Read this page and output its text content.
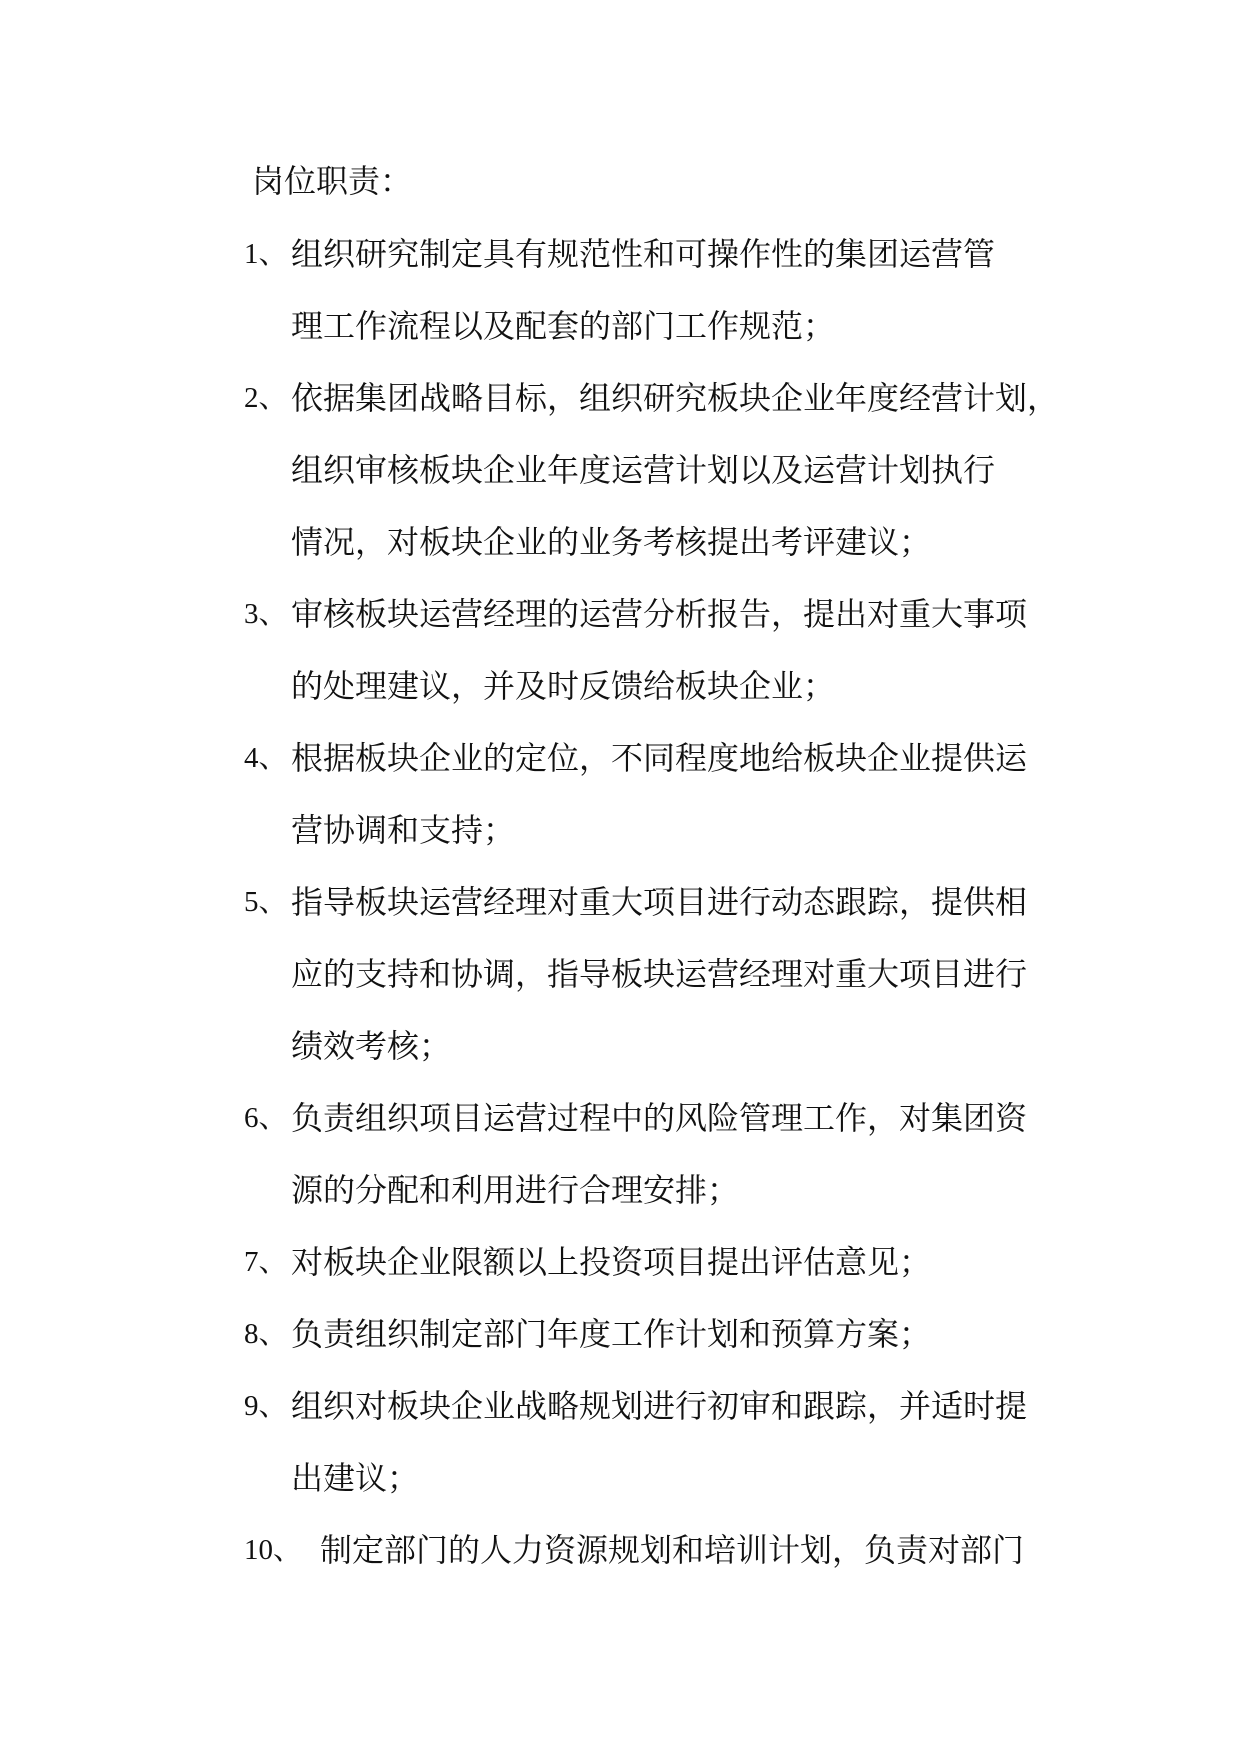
岗位职责：
1、 组织研究制定具有规范性和可操作性的集团运营管
理工作流程以及配套的部门工作规范；
2、 依据集团战略目标，组织研究板块企业年度经营计划，
组织审核板块企业年度运营计划以及运营计划执行
情况，对板块企业的业务考核提出考评建议；
3、 审核板块运营经理的运营分析报告，提出对重大事项
的处理建议，并及时反馈给板块企业；
4、 根据板块企业的定位，不同程度地给板块企业提供运
营协调和支持；
5、 指导板块运营经理对重大项目进行动态跟踪，提供相
应的支持和协调，指导板块运营经理对重大项目进行
绩效考核；
6、 负责组织项目运营过程中的风险管理工作，对集团资
源的分配和利用进行合理安排；
7、 对板块企业限额以上投资项目提出评估意见；
8、 负责组织制定部门年度工作计划和预算方案；
9、 组织对板块企业战略规划进行初审和跟踪，并适时提
出建议；
10、 制定部门的人力资源规划和培训计划，负责对部门
